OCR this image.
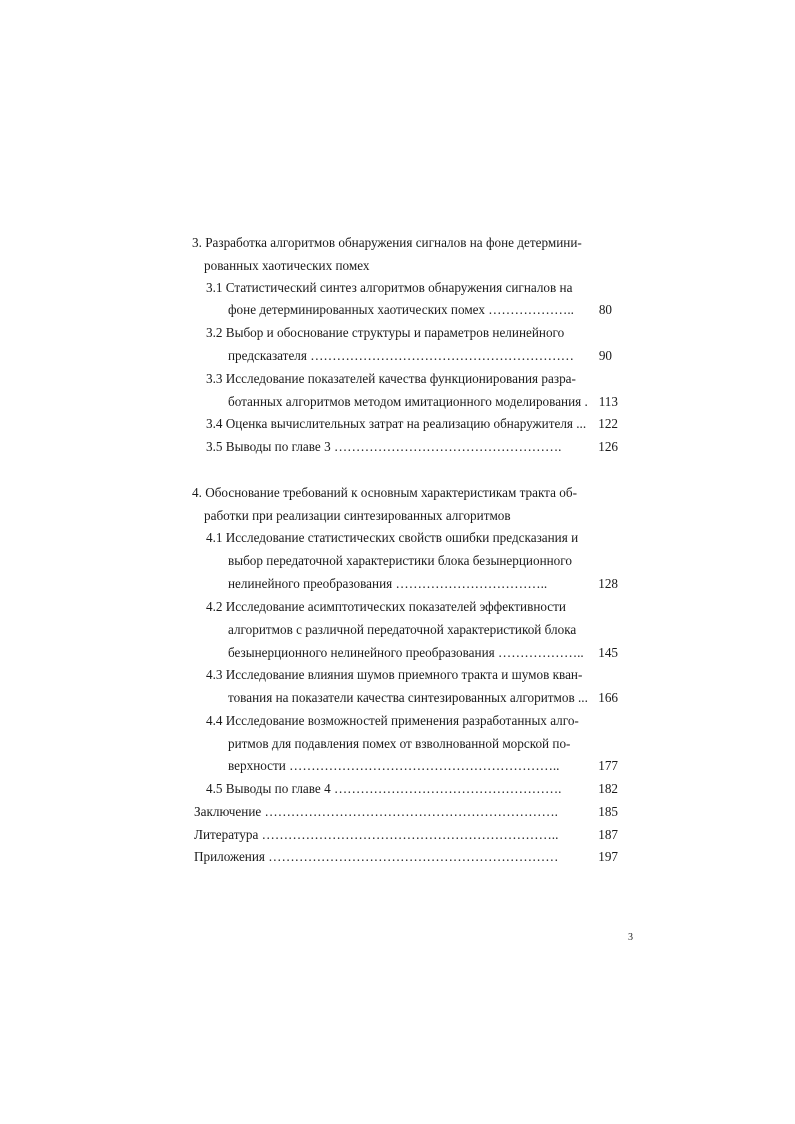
3. Разработка алгоритмов обнаружения сигналов на фоне детермини-
рованных хаотических помех
3.1 Статистический синтез алгоритмов обнаружения сигналов на
фоне детерминированных хаотических помех ………………..	80
3.2 Выбор и обоснование структуры и параметров нелинейного
предсказателя ……………………………………………………	90
3.3 Исследование показателей качества функционирования разра-
ботанных алгоритмов методом имитационного моделирования . 113
3.4 Оценка вычислительных затрат на реализацию обнаружителя ... 122
3.5 Выводы по главе 3 …………………………………………….	126
4. Обоснование требований к основным характеристикам тракта об-
работки при реализации синтезированных алгоритмов
4.1 Исследование статистических свойств ошибки предсказания и
выбор передаточной характеристики блока безынерционного
нелинейного преобразования ……………………………..	128
4.2 Исследование асимптотических показателей эффективности
алгоритмов с различной передаточной характеристикой блока
безынерционного нелинейного преобразования ………………..	145
4.3 Исследование влияния шумов приемного тракта и шумов кван-
тования на показатели качества синтезированных алгоритмов ... 166
4.4 Исследование возможностей применения разработанных алго-
ритмов для подавления помех от взволнованной морской по-
верхности ……………………………………………………..	177
4.5 Выводы по главе 4 …………………………………………….	182
Заключение ………………………………………………………….	185
Литература …………………………………………………………..	187
Приложения …………………………………………………………	197
3
